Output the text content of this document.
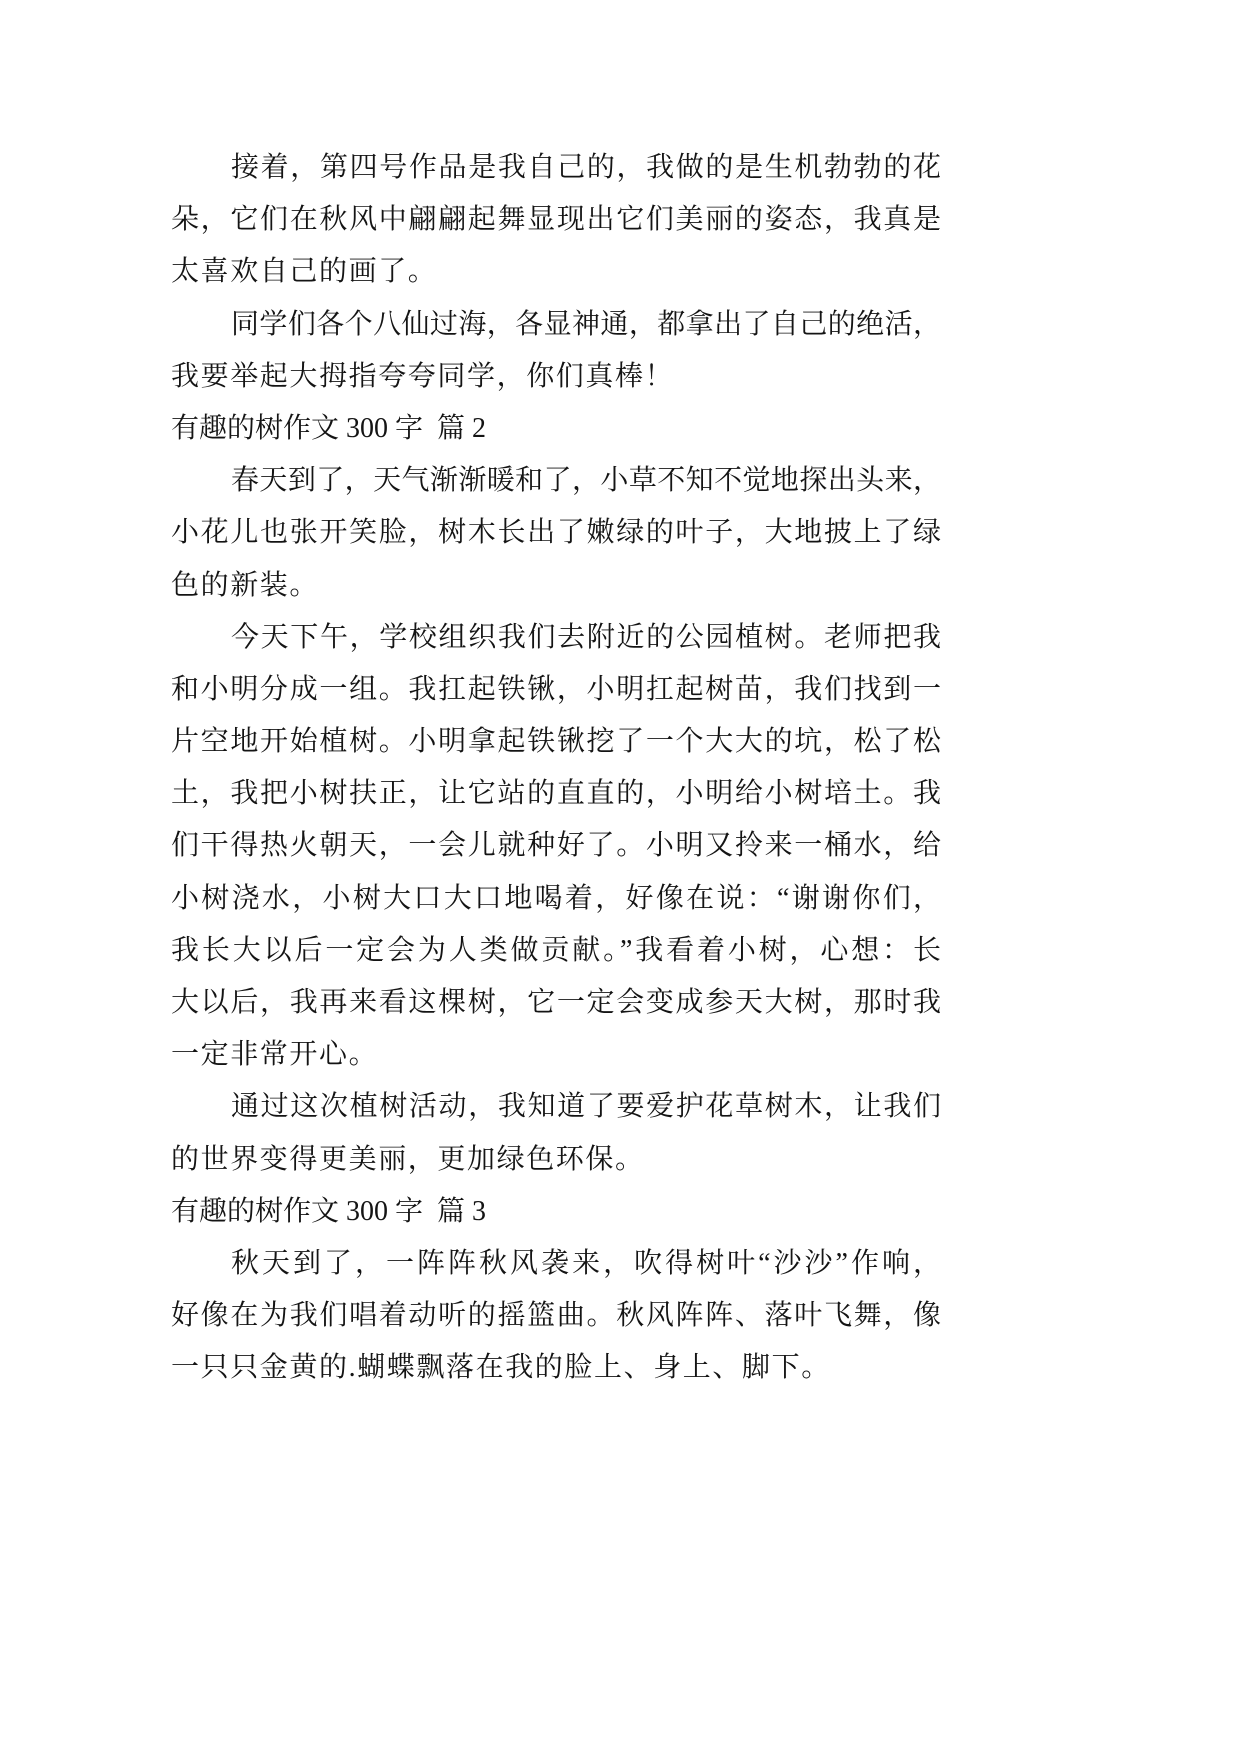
接着，第四号作品是我自己的，我做的是生机勃勃的花
朵，它们在秋风中翩翩起舞显现出它们美丽的姿态，我真是
太喜欢自己的画了。
同学们各个八仙过海，各显神通，都拿出了自己的绝活，
我要举起大拇指夸夸同学，你们真棒！
有趣的树作文 300 字  篇 2
春天到了，天气渐渐暖和了，小草不知不觉地探出头来，
小花儿也张开笑脸，树木长出了嫩绿的叶子，大地披上了绿
色的新装。
今天下午，学校组织我们去附近的公园植树。老师把我
和小明分成一组。我扛起铁锹，小明扛起树苗，我们找到一
片空地开始植树。小明拿起铁锹挖了一个大大的坑，松了松
土，我把小树扶正，让它站的直直的，小明给小树培土。我
们干得热火朝天，一会儿就种好了。小明又拎来一桶水，给
小树浇水，小树大口大口地喝着，好像在说：“谢谢你们，
我长大以后一定会为人类做贡献。”我看着小树，心想：长
大以后，我再来看这棵树，它一定会变成参天大树，那时我
一定非常开心。
通过这次植树活动，我知道了要爱护花草树木，让我们
的世界变得更美丽，更加绿色环保。
有趣的树作文 300 字  篇 3
秋天到了，一阵阵秋风袭来，吹得树叶“沙沙”作响，
好像在为我们唱着动听的摇篮曲。秋风阵阵、落叶飞舞，像
一只只金黄的.蝴蝶飘落在我的脸上、身上、脚下。
